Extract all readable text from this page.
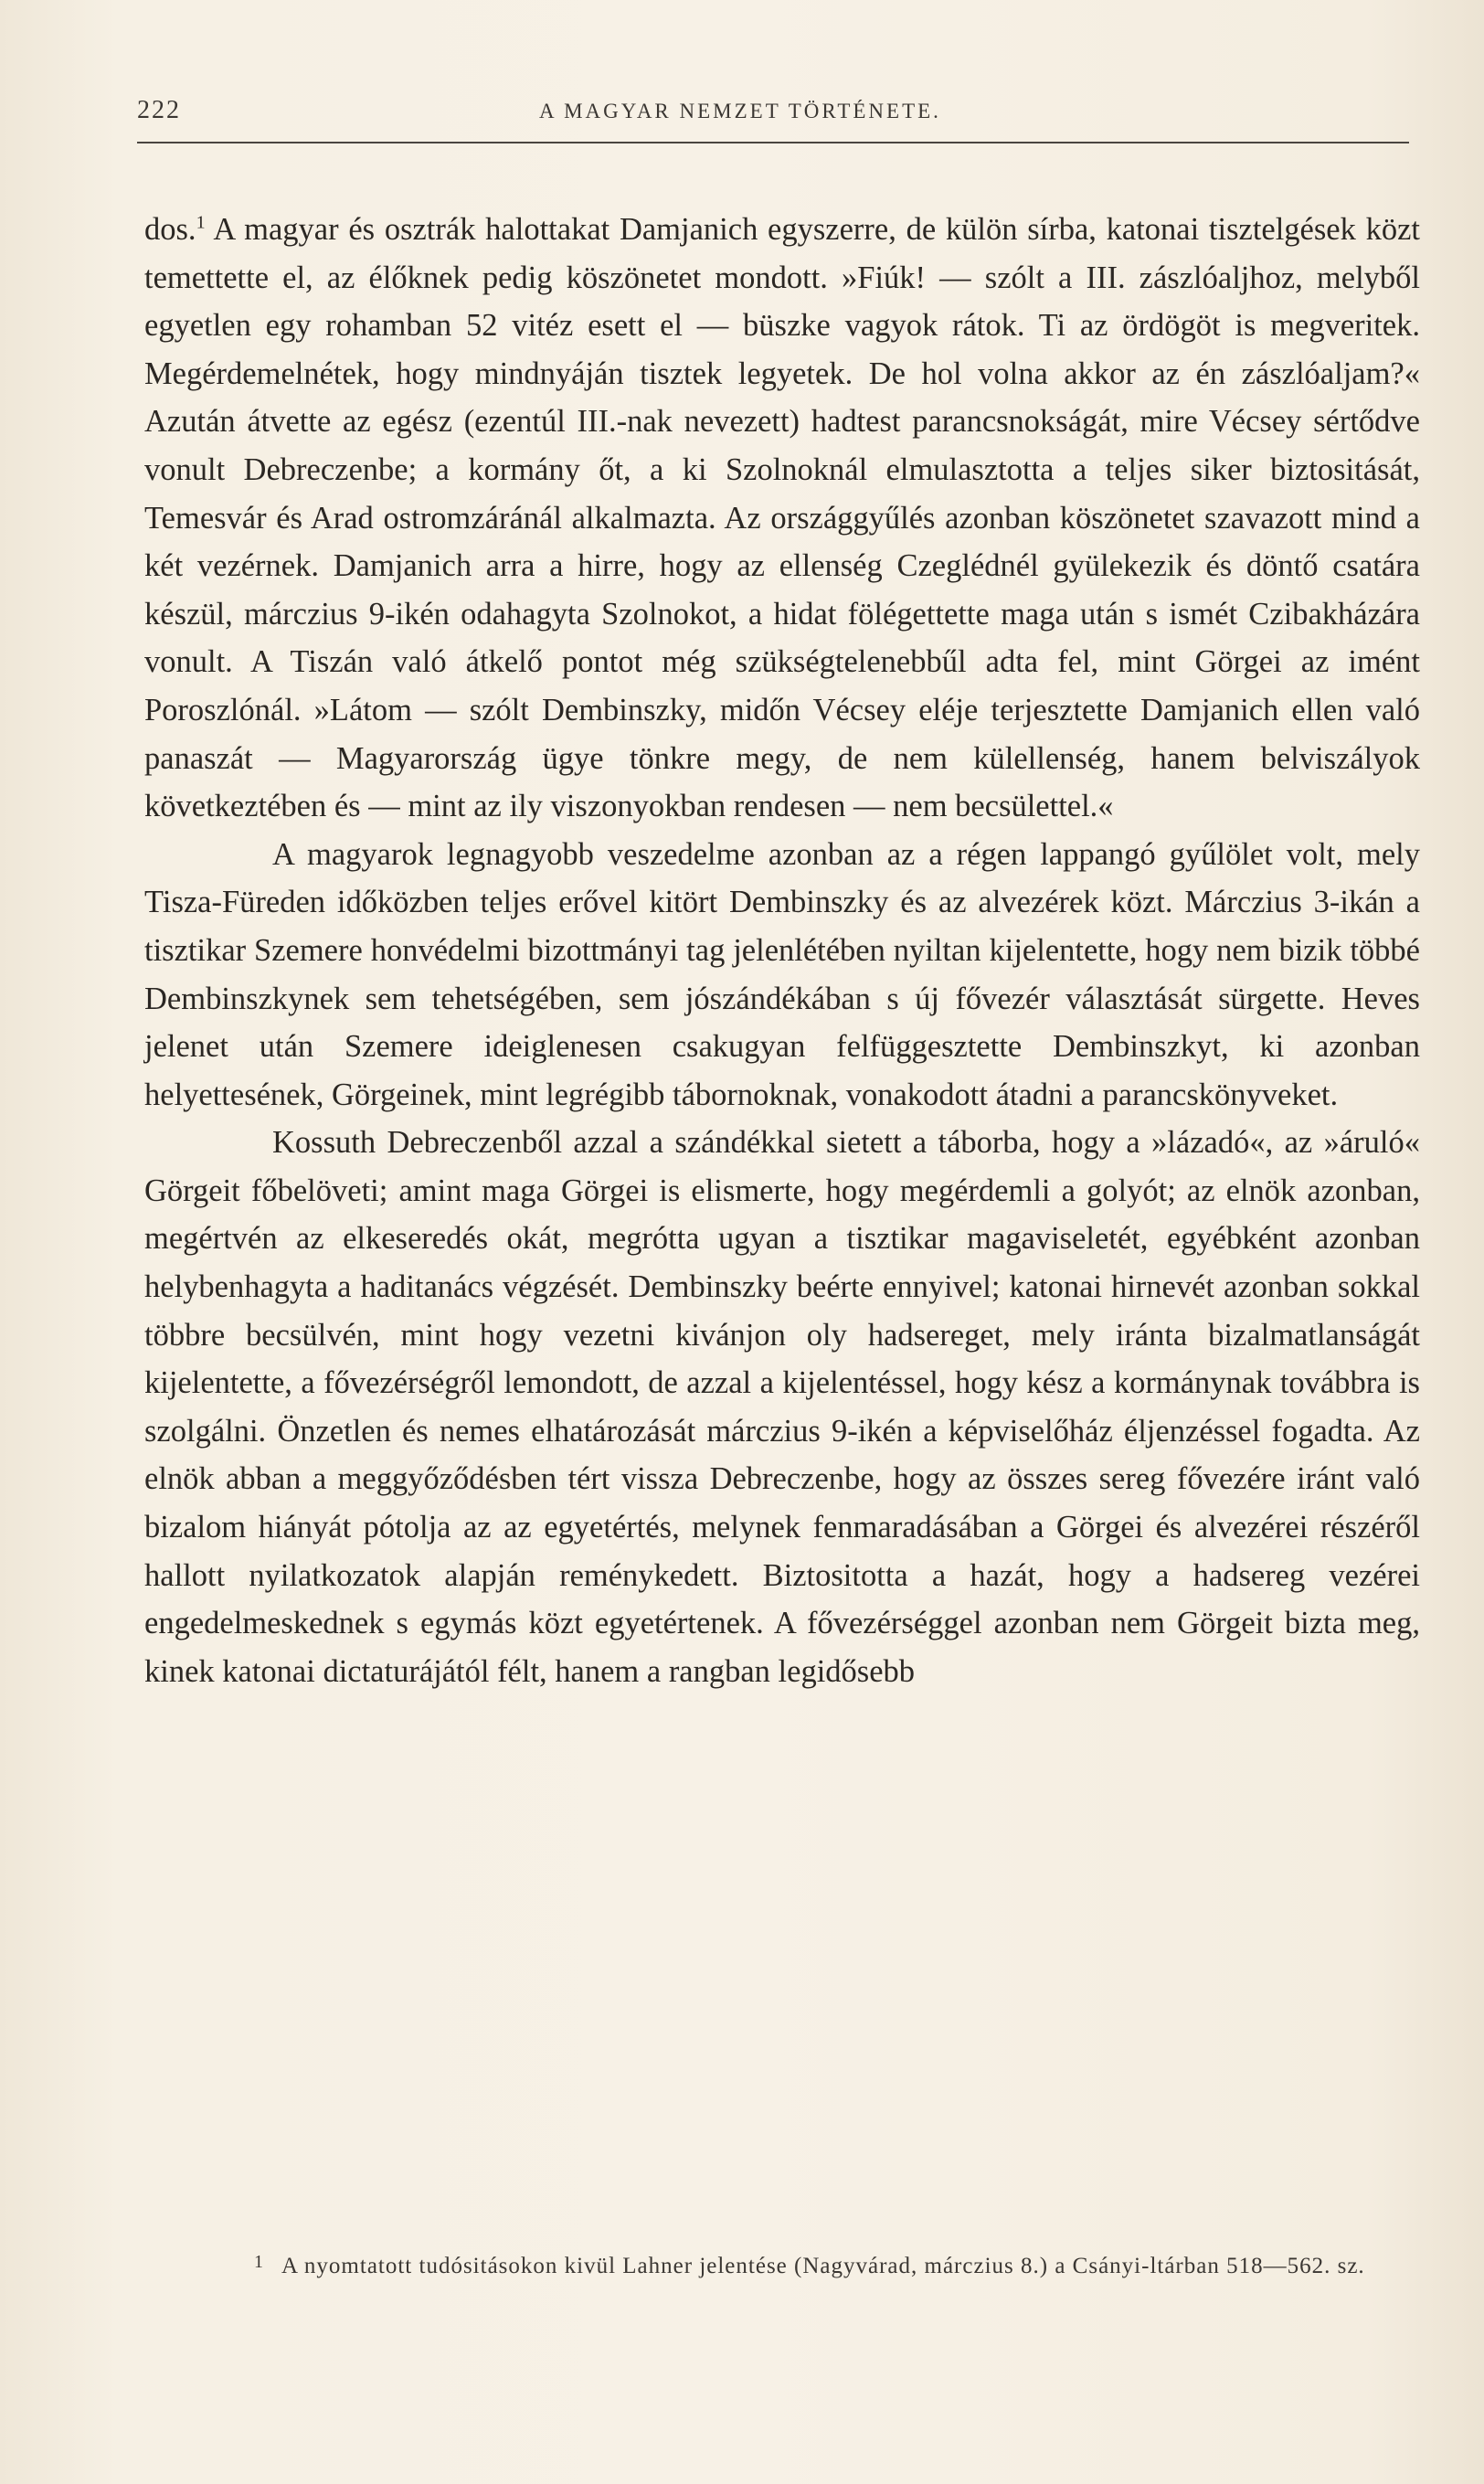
222	A MAGYAR NEMZET TÖRTÉNETE.

dos.$^1$ A magyar és osztrák halottakat Damjanich egyszerre, de külön sírba, katonai tisztelgések közt temettette el, az élőknek pedig köszönetet mondott. »Fiúk! — szólt a III. zászlóaljhoz, melyből egyetlen egy rohamban 52 vitéz esett el — büszke vagyok rátok. Ti az ördögöt is megveritek. Megérdemelnétek, hogy mindnyáján tisztek legyetek. De hol volna akkor az én zászlóaljam?« Azután átvette az egész (ezentúl III.-nak nevezett) hadtest parancsnokságát, mire Vécsey sértődve vonult Debreczenbe; a kormány őt, a ki Szolnoknál elmulasztotta a teljes siker biztositását, Temesvár és Arad ostromzáránál alkalmazta. Az országgyűlés azonban köszönetet szavazott mind a két vezérnek. Damjanich arra a hirre, hogy az ellenség Czeglédnél gyülekezik és döntő csatára készül, márczius 9-ikén odahagyta Szolnokot, a hidat fölégettette maga után s ismét Czibakházára vonult. A Tiszán való átkelő pontot még szükségtelenebbűl adta fel, mint Görgei az imént Poroszlónál. »Látom — szólt Dembinszky, midőn Vécsey eléje terjesztette Damjanich ellen való panaszát — Magyarország ügye tönkre megy, de nem külellenség, hanem belviszályok következtében és — mint az ily viszonyokban rendesen — nem becsülettel.«

A magyarok legnagyobb veszedelme azonban az a régen lappangó gyűlölet volt, mely Tisza-Füreden időközben teljes erővel kitört Dembinszky és az alvezérek közt. Márczius 3-ikán a tisztikar Szemere honvédelmi bizottmányi tag jelenlétében nyiltan kijelentette, hogy nem bizik többé Dembinszkynek sem tehetségében, sem jószándékában s új fővezér választását sürgette. Heves jelenet után Szemere ideiglenesen csakugyan felfüggesztette Dembinszkyt, ki azonban helyettesének, Görgeinek, mint legrégibb tábornoknak, vonakodott átadni a parancskönyveket.

Kossuth Debreczenből azzal a szándékkal sietett a táborba, hogy a »lázadó«, az »áruló« Görgeit főbelöveti; amint maga Görgei is elismerte, hogy megérdemli a golyót; az elnök azonban, megértvén az elkeseredés okát, megrótta ugyan a tisztikar magaviseletét, egyébként azonban helybenhagyta a haditanács végzését. Dembinszky beérte ennyivel; katonai hirnevét azonban sokkal többre becsülvén, mint hogy vezetni kivánjon oly hadsereget, mely iránta bizalmatlanságát kijelentette, a fővezérségről lemondott, de azzal a kijelentéssel, hogy kész a kormánynak továbbra is szolgálni. Önzetlen és nemes elhatározását márczius 9-ikén a képviselőház éljenzéssel fogadta. Az elnök abban a meggyőződésben tért vissza Debreczenbe, hogy az összes sereg fővezére iránt való bizalom hiányát pótolja az az egyetértés, melynek fenmaradásában a Görgei és alvezérei részéről hallott nyilatkozatok alapján reménykedett. Biztositotta a hazát, hogy a hadsereg vezérei engedelmeskednek s egymás közt egyetértenek. A fővezérséggel azonban nem Görgeit bizta meg, kinek katonai dictaturájától félt, hanem a rangban legidősebb

1 A nyomtatott tudósitásokon kivül Lahner jelentése (Nagyvárad, márczius 8.) a Csányi-ltárban 518—562. sz.
